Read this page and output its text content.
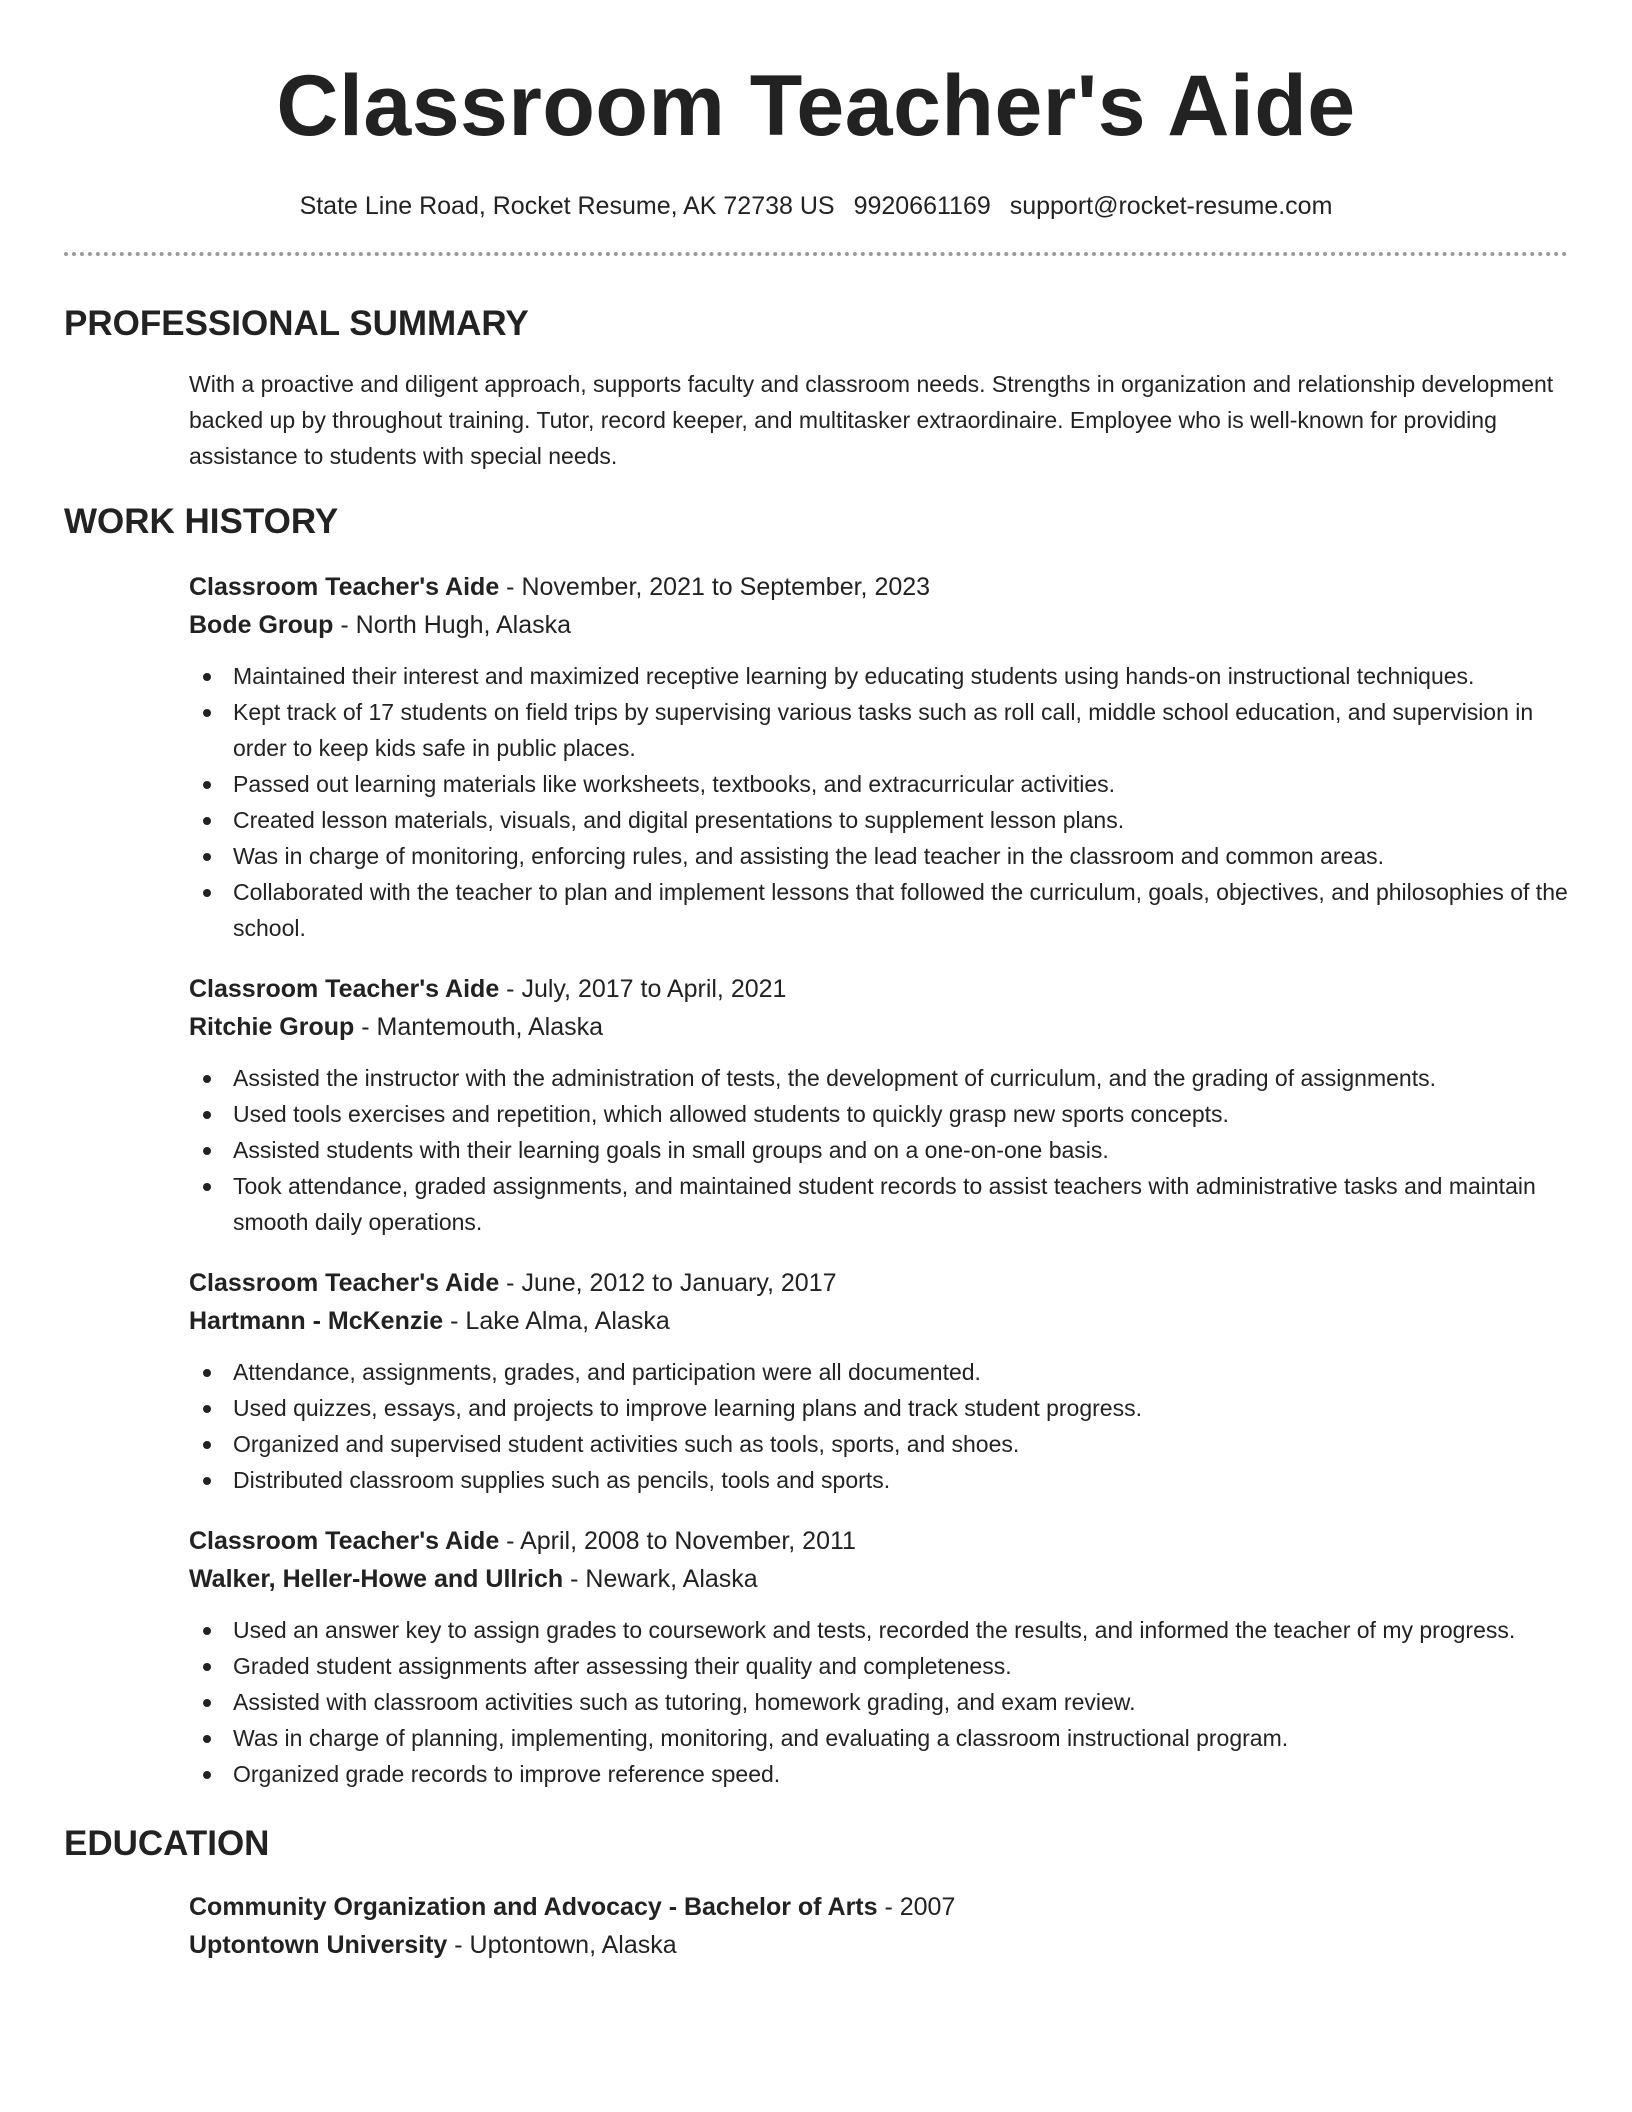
Classroom Teacher's Aide
State Line Road, Rocket Resume, AK 72738 US 9920661169 support@rocket-resume.com
PROFESSIONAL SUMMARY

With a proactive and diligent approach, supports faculty and classroom needs. Strengths in organization and relationship development backed up by throughout training. Tutor, record keeper, and multitasker extraordinaire. Employee who is well-known for providing assistance to students with special needs.

WORK HISTORY
Classroom Teacher's Aide - November, 2021 to September, 2023
Bode Group - North Hugh, Alaska
Maintained their interest and maximized receptive learning by educating students using hands-on instructional techniques.
Kept track of 17 students on field trips by supervising various tasks such as roll call, middle school education, and supervision in order to keep kids safe in public places.
Passed out learning materials like worksheets, textbooks, and extracurricular activities.
Created lesson materials, visuals, and digital presentations to supplement lesson plans.
Was in charge of monitoring, enforcing rules, and assisting the lead teacher in the classroom and common areas.
Collaborated with the teacher to plan and implement lessons that followed the curriculum, goals, objectives, and philosophies of the school.
Classroom Teacher's Aide - July, 2017 to April, 2021
Ritchie Group - Mantemouth, Alaska
Assisted the instructor with the administration of tests, the development of curriculum, and the grading of assignments.
Used tools exercises and repetition, which allowed students to quickly grasp new sports concepts.
Assisted students with their learning goals in small groups and on a one-on-one basis.
Took attendance, graded assignments, and maintained student records to assist teachers with administrative tasks and maintain smooth daily operations.
Classroom Teacher's Aide - June, 2012 to January, 2017
Hartmann - McKenzie - Lake Alma, Alaska
Attendance, assignments, grades, and participation were all documented.
Used quizzes, essays, and projects to improve learning plans and track student progress.
Organized and supervised student activities such as tools, sports, and shoes.
Distributed classroom supplies such as pencils, tools and sports.
Classroom Teacher's Aide - April, 2008 to November, 2011
Walker, Heller-Howe and Ullrich - Newark, Alaska
Used an answer key to assign grades to coursework and tests, recorded the results, and informed the teacher of my progress.
Graded student assignments after assessing their quality and completeness.
Assisted with classroom activities such as tutoring, homework grading, and exam review.
Was in charge of planning, implementing, monitoring, and evaluating a classroom instructional program.
Organized grade records to improve reference speed.
EDUCATION
Community Organization and Advocacy - Bachelor of Arts - 2007
Uptontown University - Uptontown, Alaska
